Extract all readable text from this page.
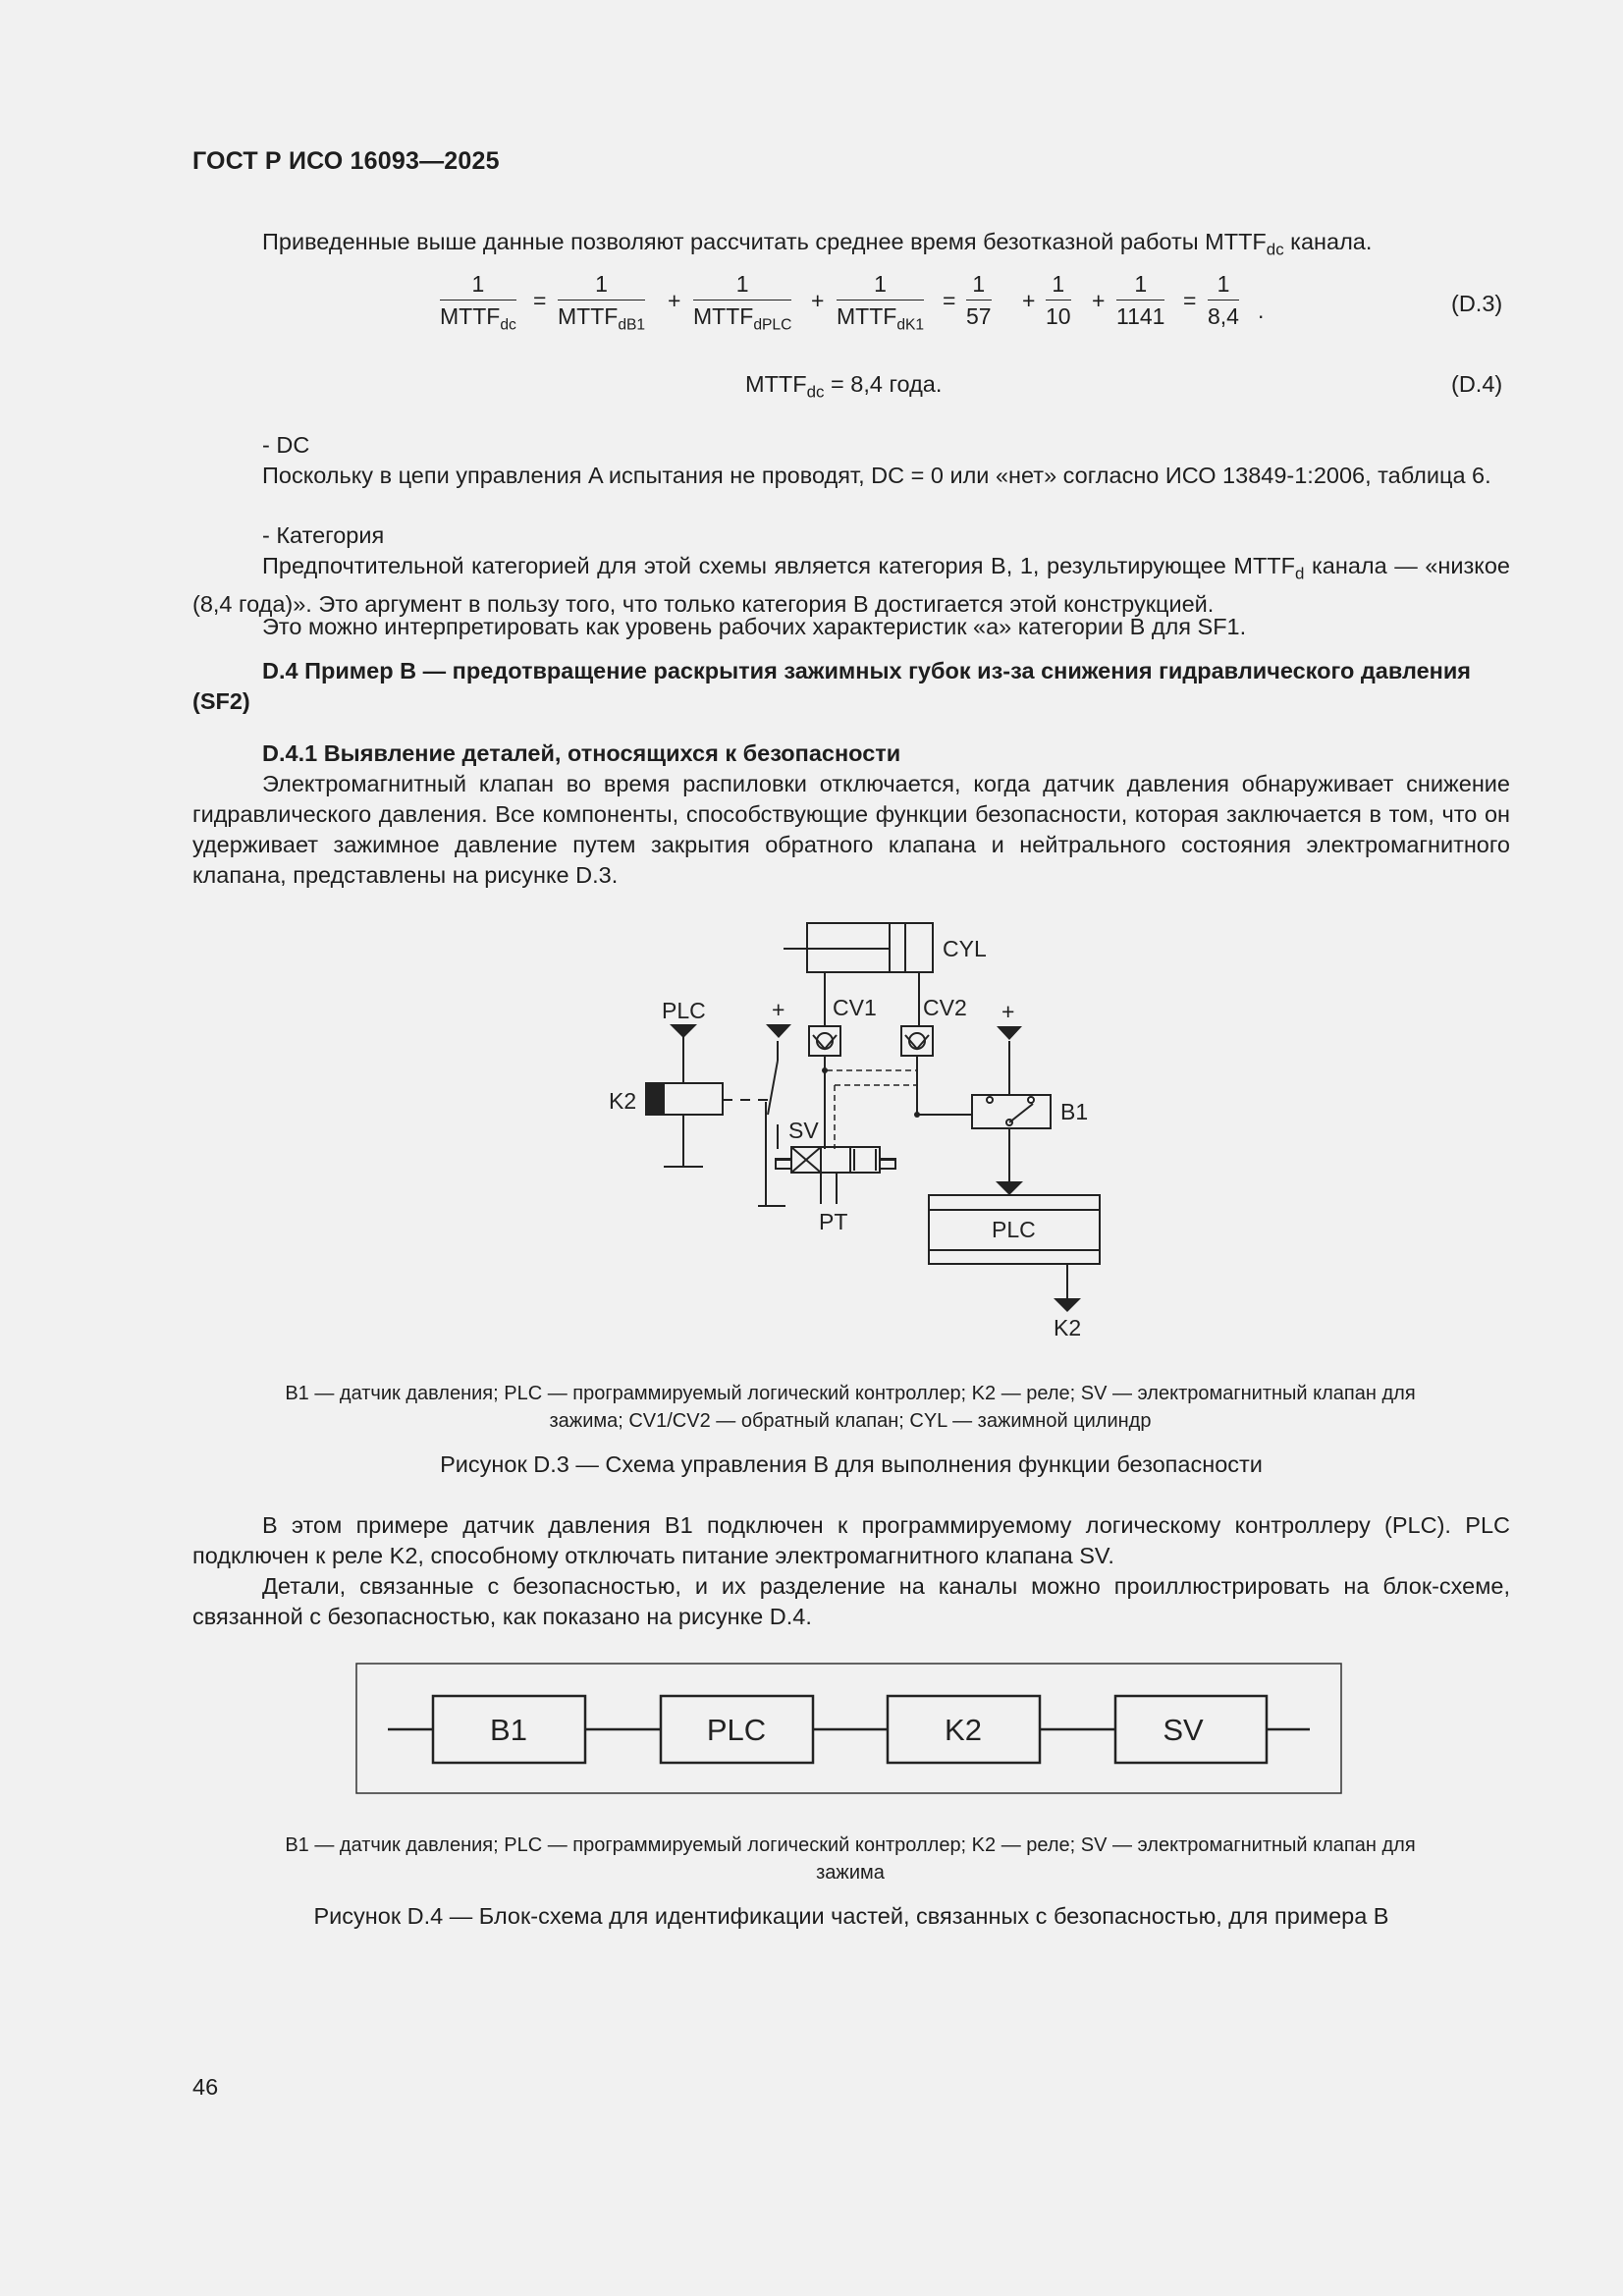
ГОСТ Р ИСО 16093—2025
Приведенные выше данные позволяют рассчитать среднее время безотказной работы $MTTF_{dc}$ канала.
1
$MTTF_{dc}$
=
1
$MTTF_{dB1}$
+
1
$MTTF_{dPLC}$
+
1
$MTTF_{dK1}$
= $\frac{1}{57} + \frac{1}{10} + \frac{1}{1141} = \frac{1}{8,4}$ .	(D.3)
$MTTF_{dc} = 8,4$ года.	(D.4)
- DC
Поскольку в цепи управления A испытания не проводят, DC = 0 или «нет» согласно ИСО 13849-1:2006, таблица 6.
- Категория
Предпочтительной категорией для этой схемы является категория В, 1, результирующее $MTTF_d$ канала — «низкое (8,4 года)». Это аргумент в пользу того, что только категория В достигается этой конструкцией.
Это можно интерпретировать как уровень рабочих характеристик «a» категории В для SF1.
D.4 Пример B — предотвращение раскрытия зажимных губок из-за снижения гидравлического давления (SF2)
D.4.1 Выявление деталей, относящихся к безопасности
Электромагнитный клапан во время распиловки отключается, когда датчик давления обнаруживает снижение гидравлического давления. Все компоненты, способствующие функции безопасности, которая заключается в том, что он удерживает зажимное давление путем закрытия обратного клапана и нейтрального состояния электромагнитного клапана, представлены на рисунке D.3.
CYL
CV1 CV2
PLC	+	+
K2
SV
B1
PT	PLC
K2
B1 — датчик давления; PLC — программируемый логический контроллер; K2 — реле; SV — электромагнитный клапан для зажима; CV1/CV2 — обратный клапан; CYL — зажимной цилиндр
Рисунок D.3 — Схема управления В для выполнения функции безопасности
В этом примере датчик давления B1 подключен к программируемому логическому контроллеру (PLC). PLC подключен к реле K2, способному отключать питание электромагнитного клапана SV.
Детали, связанные с безопасностью, и их разделение на каналы можно проиллюстрировать на блок-схеме, связанной с безопасностью, как показано на рисунке D.4.
B1	PLC	K2	SV
B1 — датчик давления; PLC — программируемый логический контроллер; K2 — реле; SV — электромагнитный клапан для зажима
Рисунок D.4 — Блок-схема для идентификации частей, связанных с безопасностью, для примера В
46
